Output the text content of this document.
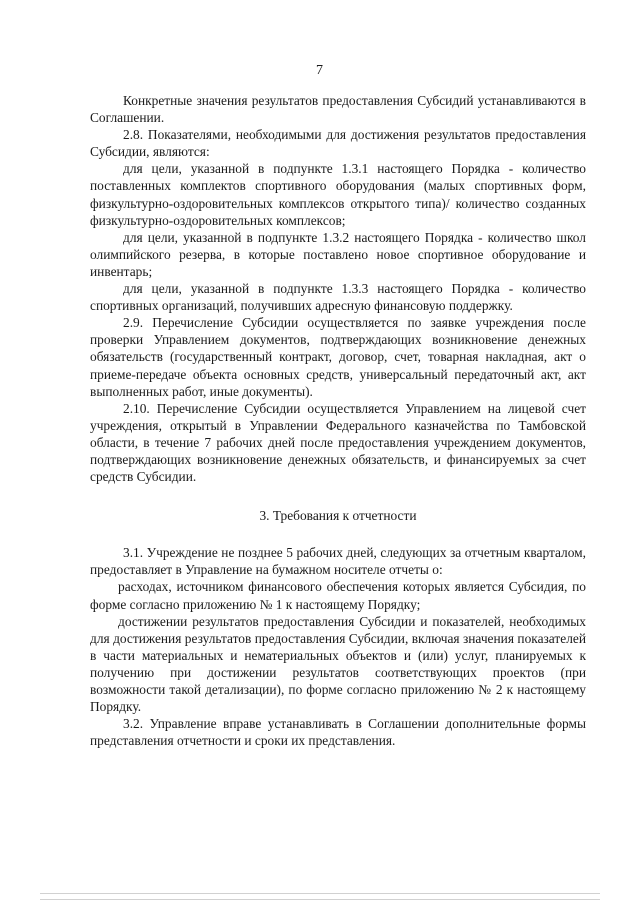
7

Конкретные значения результатов предоставления Субсидий устанавливаются в Соглашении.

2.8. Показателями, необходимыми для достижения результатов предоставления Субсидии, являются:

для цели, указанной в подпункте 1.3.1 настоящего Порядка - количество поставленных комплектов спортивного оборудования (малых спортивных форм, физкультурно-оздоровительных комплексов открытого типа)/ количество созданных физкультурно-оздоровительных комплексов;

для цели, указанной в подпункте 1.3.2 настоящего Порядка - количество школ олимпийского резерва, в которые поставлено новое спортивное оборудование и инвентарь;

для цели, указанной в подпункте 1.3.3 настоящего Порядка - количество спортивных организаций, получивших адресную финансовую поддержку.

2.9. Перечисление Субсидии осуществляется по заявке учреждения после проверки Управлением документов, подтверждающих возникновение денежных обязательств (государственный контракт, договор, счет, товарная накладная, акт о приеме-передаче объекта основных средств, универсальный передаточный акт, акт выполненных работ, иные документы).

2.10. Перечисление Субсидии осуществляется Управлением на лицевой счет учреждения, открытый в Управлении Федерального казначейства по Тамбовской области, в течение 7 рабочих дней после предоставления учреждением документов, подтверждающих возникновение денежных обязательств, и финансируемых за счет средств Субсидии.

3. Требования к отчетности

3.1. Учреждение не позднее 5 рабочих дней, следующих за отчетным кварталом, предоставляет в Управление на бумажном носителе отчеты о:

расходах, источником финансового обеспечения которых является Субсидия, по форме согласно приложению № 1 к настоящему Порядку;

достижении результатов предоставления Субсидии и показателей, необходимых для достижения результатов предоставления Субсидии, включая значения показателей в части материальных и нематериальных объектов и (или) услуг, планируемых к получению при достижении результатов соответствующих проектов (при возможности такой детализации), по форме согласно приложению № 2 к настоящему Порядку.

3.2. Управление вправе устанавливать в Соглашении дополнительные формы представления отчетности и сроки их представления.
